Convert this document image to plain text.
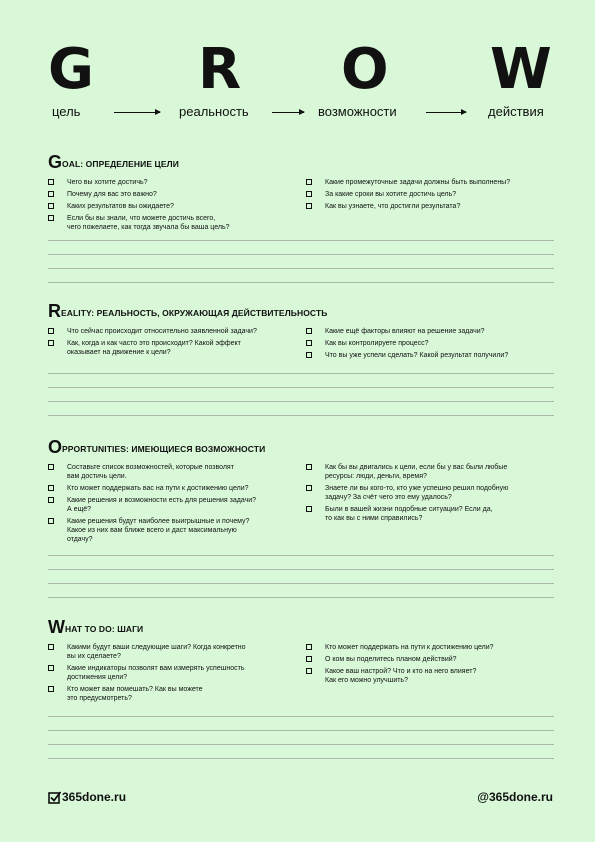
G R O W
цель	реальность	возможности	действия
G OAL: ОПРЕДЕЛЕНИЕ ЦЕЛИ
Чего вы хотите достичь?
Почему для вас это важно?
Каких результатов вы ожидаете?
Если бы вы знали, что можете достичь всего,
чего пожелаете, как тогда звучала бы ваша цель?
Какие промежуточные задачи должны быть выполнены?
За какие сроки вы хотите достичь цель?
Как вы узнаете, что достигли результата?
R EALITY: РЕАЛЬНОСТЬ, ОКРУЖАЮЩАЯ ДЕЙСТВИТЕЛЬНОСТЬ
Что сейчас происходит относительно заявленной задачи?
Как, когда и как часто это происходит? Какой эффект
оказывает на движение к цели?
Какие ещё факторы влияют на решение задачи?
Как вы контролируете процесс?
Что вы уже успели сделать? Какой результат получили?
O PPORTUNITIES: ИМЕЮЩИЕСЯ ВОЗМОЖНОСТИ
Составьте список возможностей, которые позволят
вам достичь цели.
Кто может поддержать вас на пути к достижению цели?
Какие решения и возможности есть для решения задачи?
А ещё?
Какие решения будут наиболее выигрышные и почему?
Какое из них вам ближе всего и даст максимальную
отдачу?
Как бы вы двигались к цели, если бы у вас были любые
ресурсы: люди, деньги, время?
Знаете ли вы кого-то, кто уже успешно решил подобную
задачу? За счёт чего это ему удалось?
Были в вашей жизни подобные ситуации? Если да,
то как вы с ними справились?
W HAT TO DO: ШАГИ
Какими будут ваши следующие шаги? Когда конкретно
вы их сделаете?
Какие индикаторы позволят вам измерять успешность
достижения цели?
Кто может вам помешать? Как вы можете
это предусмотреть?
Кто может поддержать на пути к достижению цели?
О ком вы поделитесь планом действий?
Какое ваш настрой? Что и кто на него влияет?
Как его можно улучшить?
365done.ru	@365done.ru
